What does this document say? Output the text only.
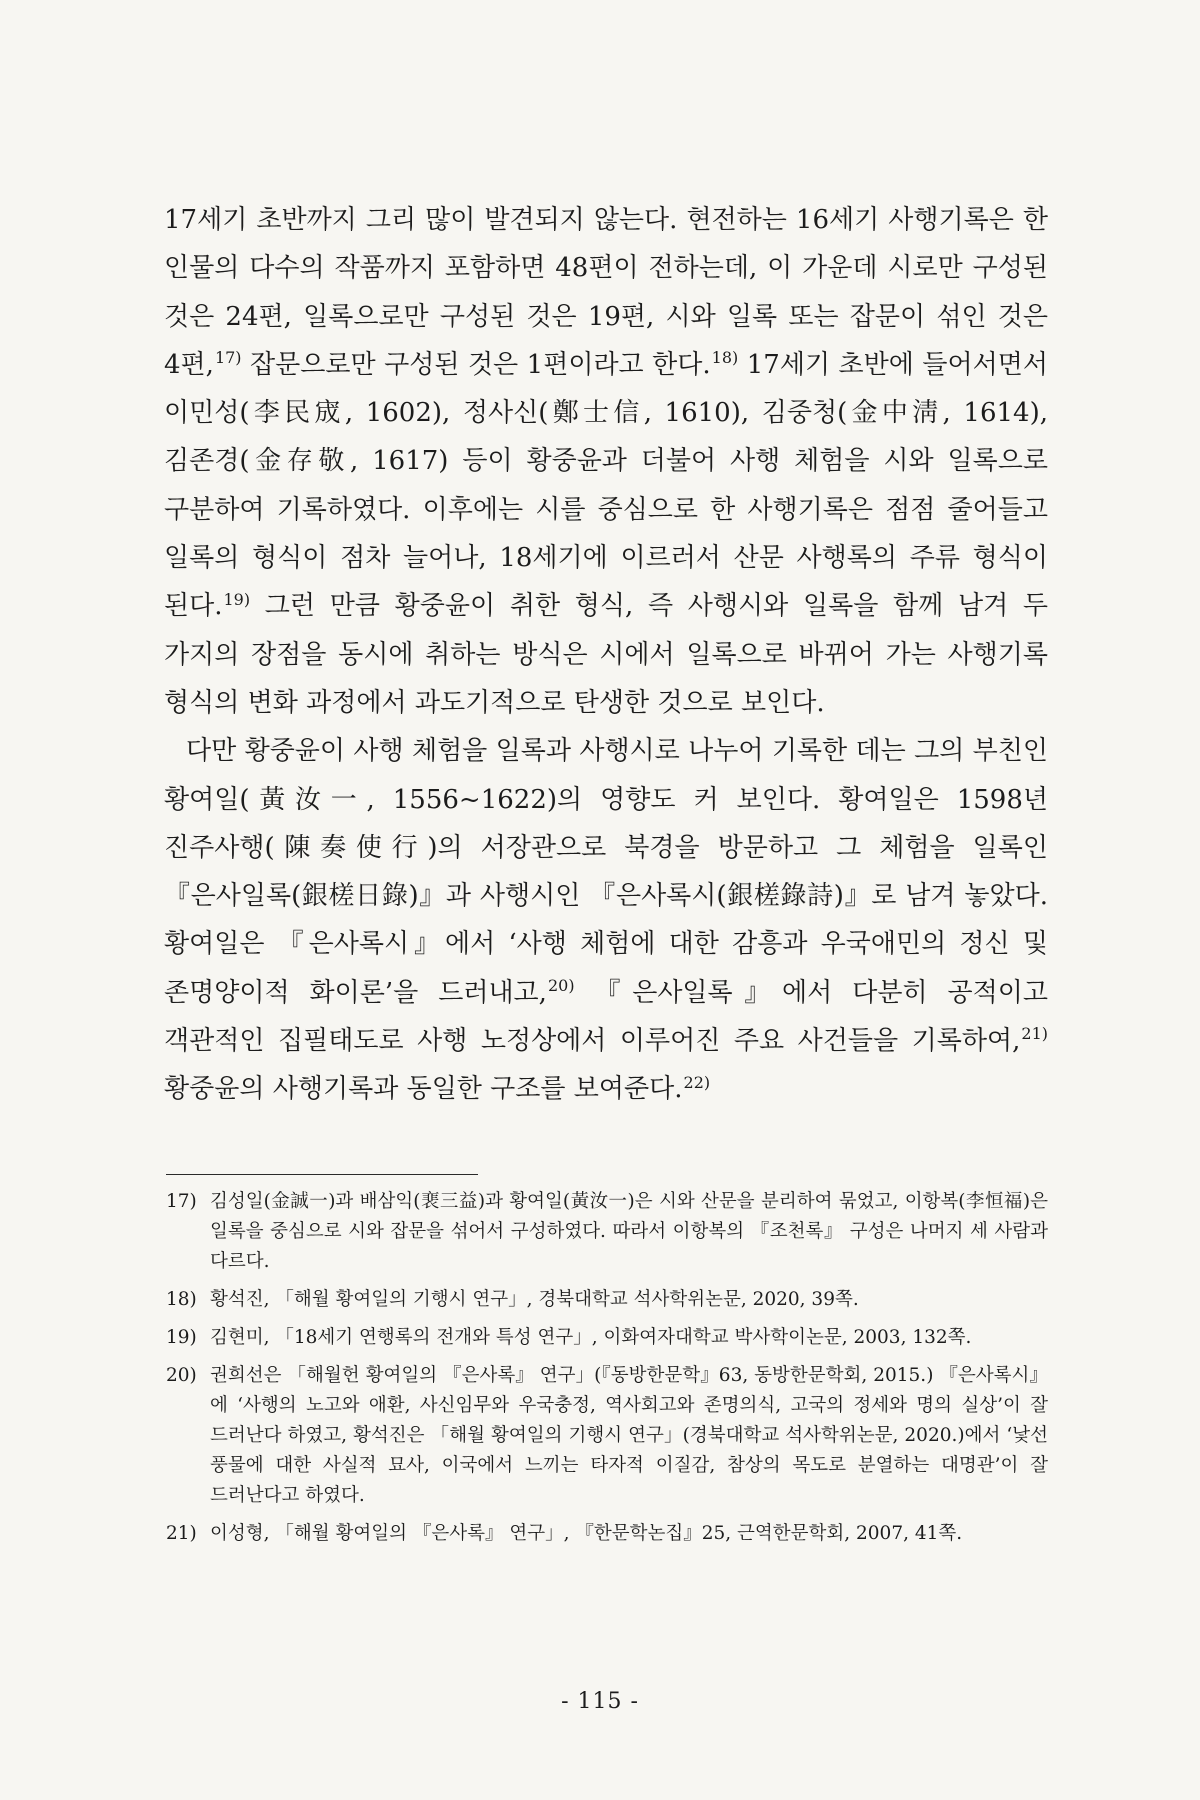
17세기 초반까지 그리 많이 발견되지 않는다. 현전하는 16세기 사행기록은 한 인물의 다수의 작품까지 포함하면 48편이 전하는데, 이 가운데 시로만 구성된 것은 24편, 일록으로만 구성된 것은 19편, 시와 일록 또는 잡문이 섞인 것은 4편,$^{17)}$ 잡문으로만 구성된 것은 1편이라고 한다.$^{18)}$ 17세기 초반에 들어서면서 이민성(李民宬, 1602), 정사신(鄭士信, 1610), 김중청(金中淸, 1614), 김존경(金存敬, 1617) 등이 황중윤과 더불어 사행 체험을 시와 일록으로 구분하여 기록하였다. 이후에는 시를 중심으로 한 사행기록은 점점 줄어들고 일록의 형식이 점차 늘어나, 18세기에 이르러서 산문 사행록의 주류 형식이 된다.$^{19)}$ 그런 만큼 황중윤이 취한 형식, 즉 사행시와 일록을 함께 남겨 두 가지의 장점을 동시에 취하는 방식은 시에서 일록으로 바뀌어 가는 사행기록 형식의 변화 과정에서 과도기적으로 탄생한 것으로 보인다.

다만 황중윤이 사행 체험을 일록과 사행시로 나누어 기록한 데는 그의 부친인 황여일(黃汝一, 1556~1622)의 영향도 커 보인다. 황여일은 1598년 진주사행(陳奏使行)의 서장관으로 북경을 방문하고 그 체험을 일록인 『은사일록(銀槎日錄)』과 사행시인 『은사록시(銀槎錄詩)』로 남겨 놓았다. 황여일은 『은사록시』에서 ‘사행 체험에 대한 감흥과 우국애민의 정신 및 존명양이적 화이론’을 드러내고,$^{20)}$ 『은사일록』에서 다분히 공적이고 객관적인 집필태도로 사행 노정상에서 이루어진 주요 사건들을 기록하여,$^{21)}$ 황중윤의 사행기록과 동일한 구조를 보여준다.$^{22)}$

17) 김성일(金誠一)과 배삼익(裵三益)과 황여일(黃汝一)은 시와 산문을 분리하여 묶었고, 이항복(李恒福)은 일록을 중심으로 시와 잡문을 섞어서 구성하였다. 따라서 이항복의 『조천록』 구성은 나머지 세 사람과 다르다.
18) 황석진, 「해월 황여일의 기행시 연구」, 경북대학교 석사학위논문, 2020, 39쪽.
19) 김현미, 「18세기 연행록의 전개와 특성 연구」, 이화여자대학교 박사학이논문, 2003, 132쪽.
20) 권희선은 「해월헌 황여일의 『은사록』 연구」(『동방한문학』63, 동방한문학회, 2015.) 『은사록시』에 ‘사행의 노고와 애환, 사신임무와 우국충정, 역사회고와 존명의식, 고국의 정세와 명의 실상’이 잘 드러난다 하였고, 황석진은 「해월 황여일의 기행시 연구」(경북대학교 석사학위논문, 2020.)에서 ‘낯선 풍물에 대한 사실적 묘사, 이국에서 느끼는 타자적 이질감, 참상의 목도로 분열하는 대명관’이 잘 드러난다고 하였다.
21) 이성형, 「해월 황여일의 『은사록』 연구」, 『한문학논집』25, 근역한문학회, 2007, 41쪽.
- 115 -
